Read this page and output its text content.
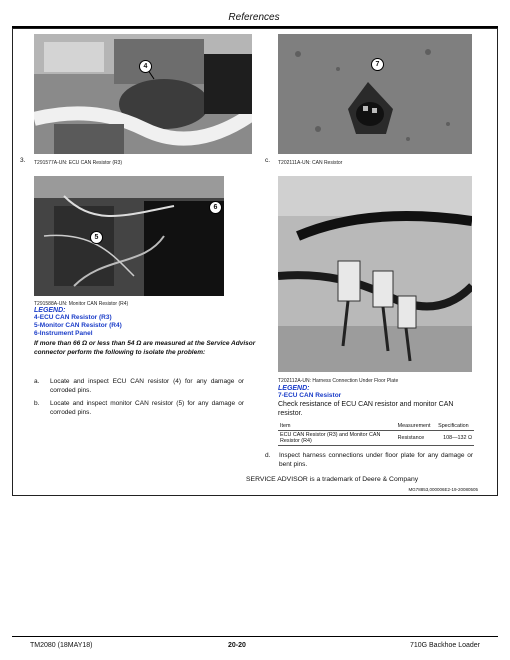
References
4
3. T291577A-UN: ECU CAN Resistor (R3)
7
c. T202111A-UN: CAN Resistor
6
5
T291588A-UN: Monitor CAN Resistor (R4)
LEGEND:
4-ECU CAN Resistor (R3)
5-Monitor CAN Resistor (R4)
6-Instrument Panel
If more than 66 Ω or less than 54 Ω are measured at the Service Advisor connector perform the following to isolate the problem:
a.	Locate and inspect ECU CAN resistor (4) for any damage or corroded pins.
b.	Locate and inspect monitor CAN resistor (5) for any damage or corroded pins.
T202112A-UN: Harness Connection Under Floor Plate
LEGEND:
7-ECU CAN Resistor
Check resistance of ECU CAN resistor and monitor CAN resistor.
Item	Measurement	Specification
ECU CAN Resistor (R3) and Monitor CAN Resistor (R4)	Resistance	108—132 Ω
d.	Inspect harness connections under floor plate for any damage or bent pins.
SERVICE ADVISOR is a trademark of Deere & Company
MG78853,000006E2-19-20080505
TM2080 (18MAY18)	20-20	710G Backhoe Loader
